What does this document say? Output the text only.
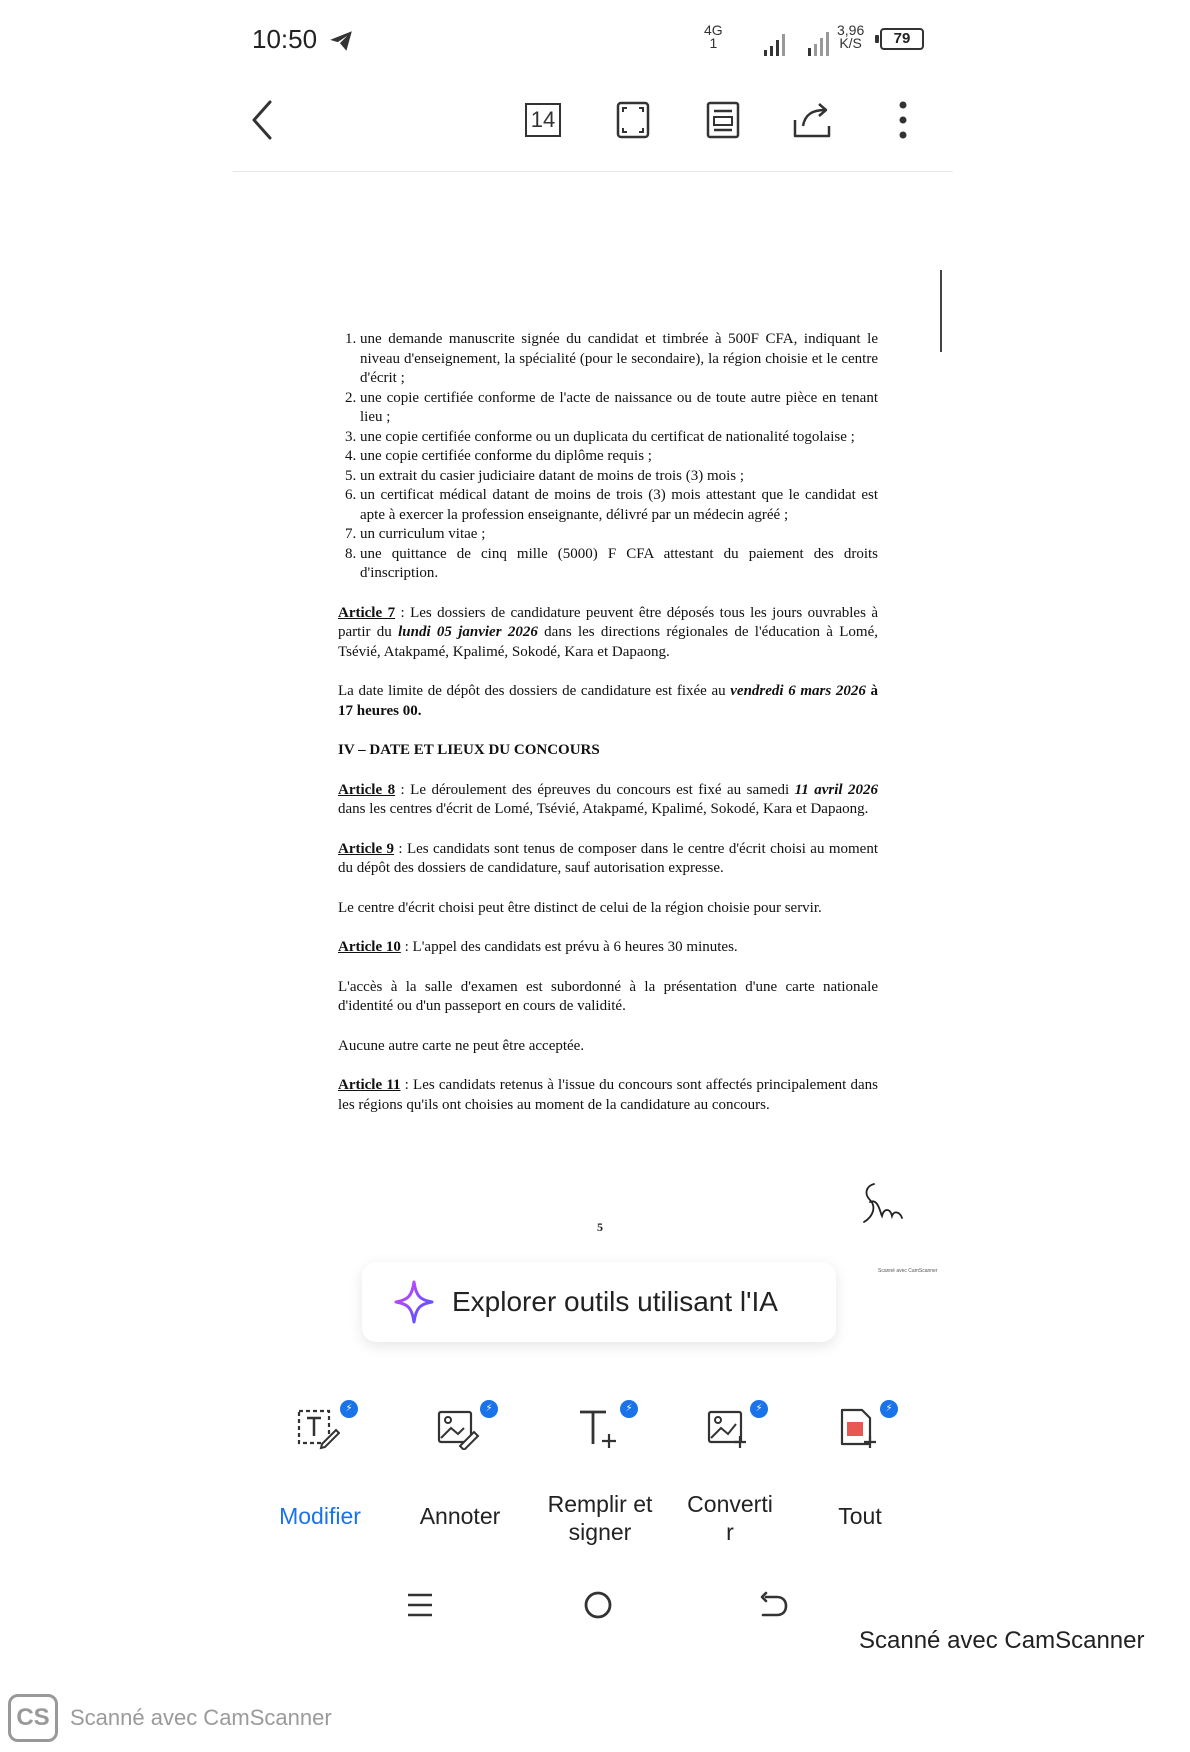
10:50	4G
1
3,96
K/S	79
14
1. une demande manuscrite signée du candidat et timbrée à 500F CFA, indiquant le niveau d'enseignement, la spécialité (pour le secondaire), la région choisie et le centre d'écrit ;
2. une copie certifiée conforme de l'acte de naissance ou de toute autre pièce en tenant lieu ;
3. une copie certifiée conforme ou un duplicata du certificat de nationalité togolaise ;
4. une copie certifiée conforme du diplôme requis ;
5. un extrait du casier judiciaire datant de moins de trois (3) mois ;
6. un certificat médical datant de moins de trois (3) mois attestant que le candidat est apte à exercer la profession enseignante, délivré par un médecin agréé ;
7. un curriculum vitae ;
8. une quittance de cinq mille (5000) F CFA attestant du paiement des droits d'inscription.

Article 7 : Les dossiers de candidature peuvent être déposés tous les jours ouvrables à partir du lundi 05 janvier 2026 dans les directions régionales de l'éducation à Lomé, Tsévié, Atakpamé, Kpalimé, Sokodé, Kara et Dapaong.

La date limite de dépôt des dossiers de candidature est fixée au vendredi 6 mars 2026 à 17 heures 00.

IV – DATE ET LIEUX DU CONCOURS

Article 8 : Le déroulement des épreuves du concours est fixé au samedi 11 avril 2026 dans les centres d'écrit de Lomé, Tsévié, Atakpamé, Kpalimé, Sokodé, Kara et Dapaong.

Article 9 : Les candidats sont tenus de composer dans le centre d'écrit choisi au moment du dépôt des dossiers de candidature, sauf autorisation expresse.

Le centre d'écrit choisi peut être distinct de celui de la région choisie pour servir.

Article 10 : L'appel des candidats est prévu à 6 heures 30 minutes.

L'accès à la salle d'examen est subordonné à la présentation d'une carte nationale d'identité ou d'un passeport en cours de validité.

Aucune autre carte ne peut être acceptée.

Article 11 : Les candidats retenus à l'issue du concours sont affectés principalement dans les régions qu'ils ont choisies au moment de la candidature au concours.

5
Scanné avec CamScanner
Explorer outils utilisant l'IA
⚡
Modifier
⚡	Annoter
⚡	Remplir et
signer
⚡
Converti
r
⚡
Tout
Scanné avec CamScanner
CS Scanné avec CamScanner
